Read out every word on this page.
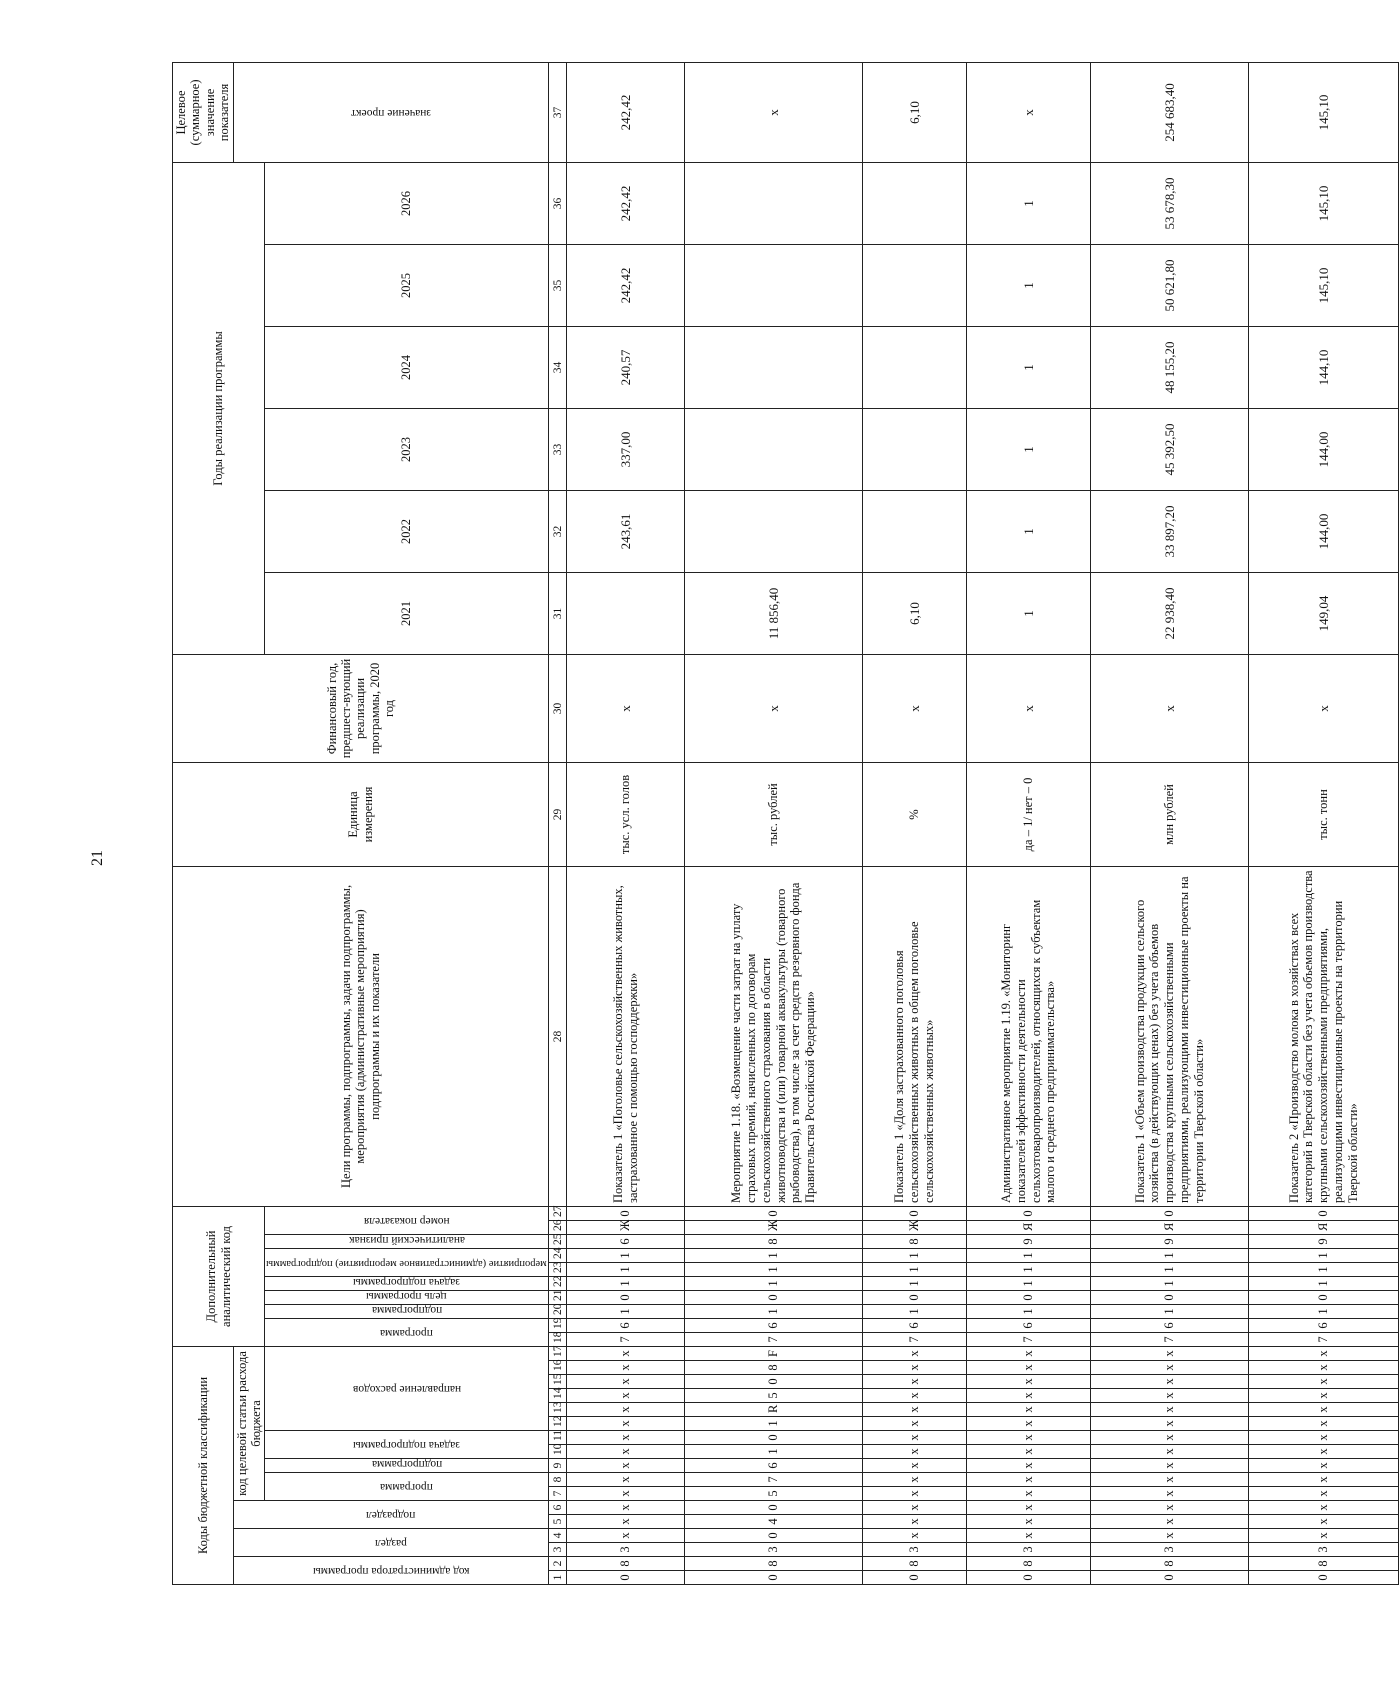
21
Коды бюджетной классификации																	Дополнительный аналитический код										Цели программы, подпрограммы, задачи подпрограммы, мероприятия (административные мероприятия) подпрограммы и их показатели	Единица измерения	Финансовый год, предшест-вующий реализации программы, 2020 год	Годы реализации программы						Целевое (суммарное) значение показателя

код администратора программы		раздел		подраздел		код целевой статьи расхода бюджета																														значение проект

						программа		подпрограмма	задача подпрограммы		направление расходов						программа		подпрограмма	цель программы	задача подпрограммы	мероприятие (административное мероприятие) подпрограммы		аналитический признак	номер показателя					2021	2022	2023	2024	2025	2026	
1	2	3	4	5	6	7	8	9	10	11	12	13	14	15	16	17	18	19	20	21	22	23	24	25	26	27	28	29	30	31	32	33	34	35	36	37
0	8	3	x	x	x	x	x	x	x	x	x	x	x	x	x	x	7	6	1	0	1	1	1	6	Ж	0	Показатель 1 «Поголовье сельскохозяйственных животных, застрахованное с помощью господдержки»	тыс. усл. голов	x		243,61	337,00	240,57	242,42	242,42	242,42
0	8	3	0	4	0	5	7	6	1	0	1	R	5	0	8	F	7	6	1	0	1	1	1	8	Ж	0	Мероприятие 1.18. «Возмещение части затрат на уплату страховых премий, начисленных по договорам сельскохозяйственного страхования в области животноводства и (или) товарной аквакультуры (товарного рыбоводства), в том числе за счет средств резервного фонда Правительства Российской Федерации»	тыс. рублей	x	11 856,40						x
0	8	3	x	x	x	x	x	x	x	x	x	x	x	x	x	x	7	6	1	0	1	1	1	8	Ж	0	Показатель 1 «Доля застрахованного поголовья сельскохозяйственных животных в общем поголовье сельскохозяйственных животных»	%	x	6,10						6,10
0	8	3	x	x	x	x	x	x	x	x	x	x	x	x	x	x	7	6	1	0	1	1	1	9	Я	0	Административное мероприятие 1.19. «Мониторинг показателей эффективности деятельности сельхозтоваропроизводителей, относящихся к субъектам малого и среднего предпринимательства»	да – 1/ нет – 0	x	1	1	1	1	1	1	x
0	8	3	x	x	x	x	x	x	x	x	x	x	x	x	x	x	7	6	1	0	1	1	1	9	Я	0	Показатель 1 «Объем производства продукции сельского хозяйства (в действующих ценах) без учета объемов производства крупными сельскохозяйственными предприятиями, реализующими инвестиционные проекты на территории Тверской области»	млн рублей	x	22 938,40	33 897,20	45 392,50	48 155,20	50 621,80	53 678,30	254 683,40
0	8	3	x	x	x	x	x	x	x	x	x	x	x	x	x	x	7	6	1	0	1	1	1	9	Я	0	Показатель 2 «Производство молока в хозяйствах всех категорий в Тверской области без учета объемов производства крупными сельскохозяйственными предприятиями, реализующими инвестиционные проекты на территории Тверской области»	тыс. тонн	x	149,04	144,00	144,00	144,10	145,10	145,10	145,10
